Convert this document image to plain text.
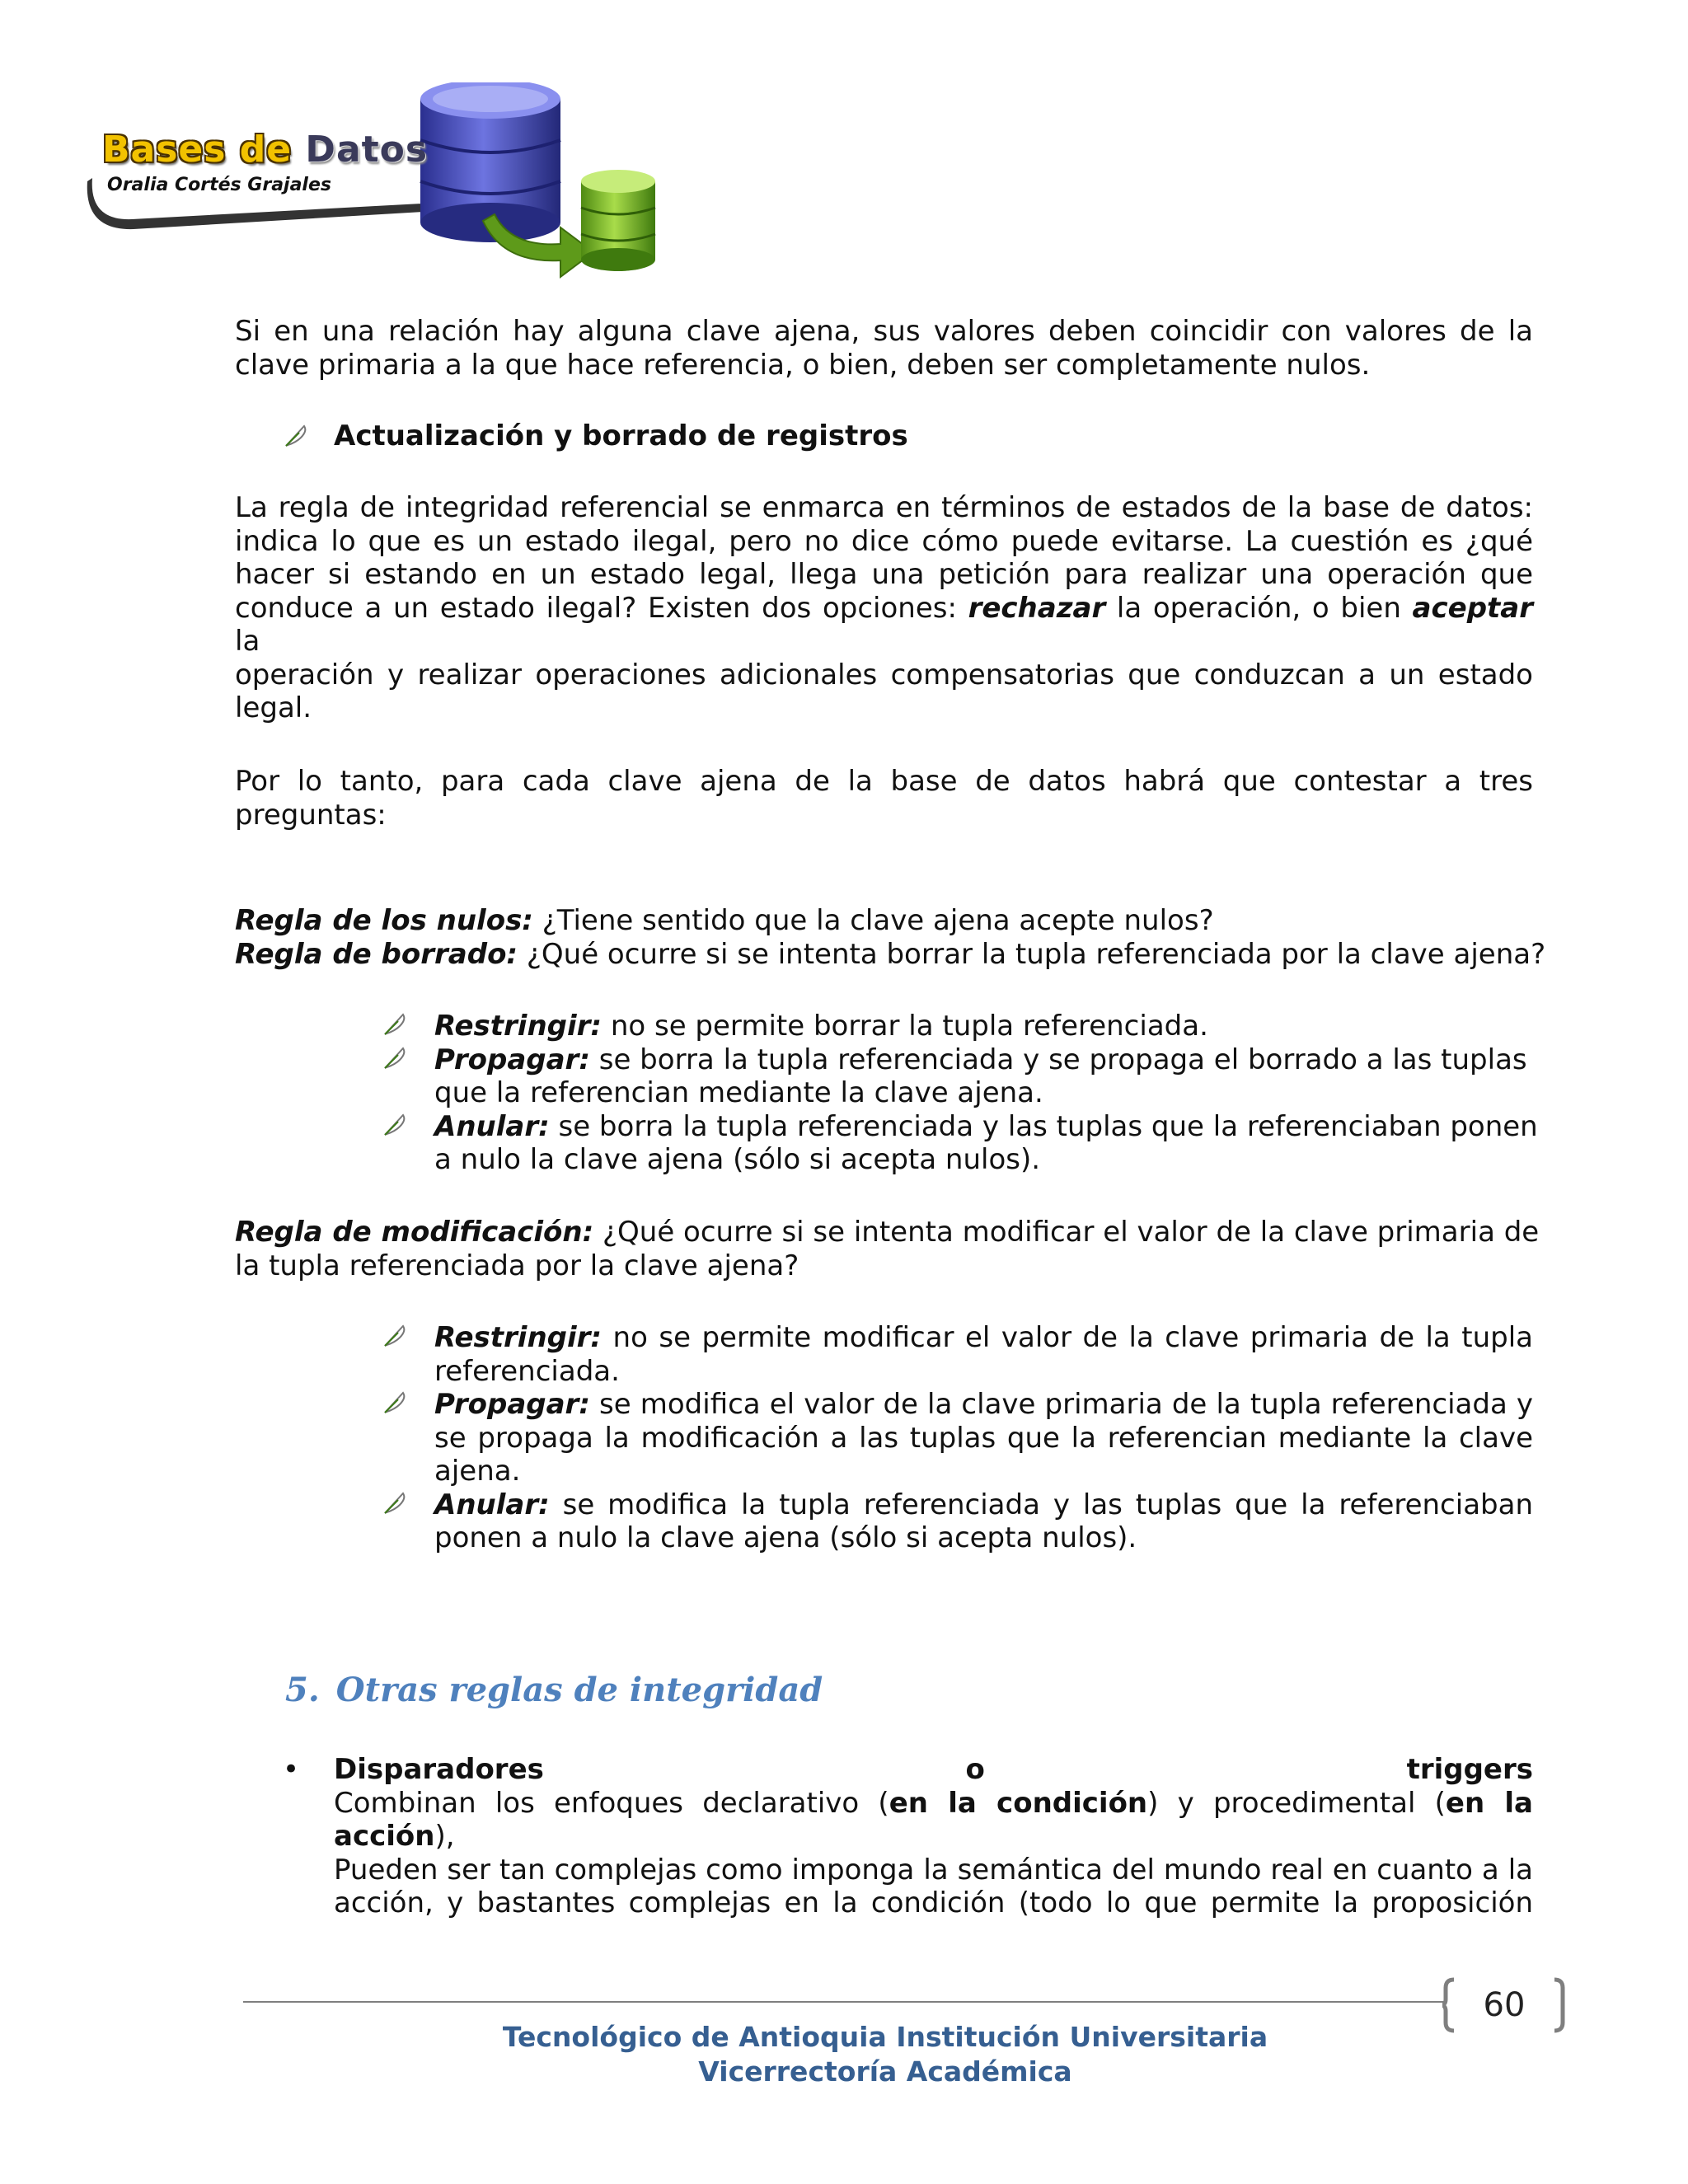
Bases de Datos
Oralia Cortés Grajales
Si en una relación hay alguna clave ajena, sus valores deben coincidir con valores de la
clave primaria a la que hace referencia, o bien, deben ser completamente nulos.
Actualización y borrado de registros
La regla de integridad referencial se enmarca en términos de estados de la base de datos:
indica lo que es un estado ilegal, pero no dice cómo puede evitarse. La cuestión es ¿qué
hacer si estando en un estado legal, llega una petición para realizar una operación que
conduce a un estado ilegal? Existen dos opciones: rechazar la operación, o bien aceptar la
operación y realizar operaciones adicionales compensatorias que conduzcan a un estado
legal.
Por lo tanto, para cada clave ajena de la base de datos habrá que contestar a tres
preguntas:
Regla de los nulos: ¿Tiene sentido que la clave ajena acepte nulos?
Regla de borrado: ¿Qué ocurre si se intenta borrar la tupla referenciada por la clave ajena?
Restringir: no se permite borrar la tupla referenciada.
Propagar: se borra la tupla referenciada y se propaga el borrado a las tuplas
que la referencian mediante la clave ajena.
Anular: se borra la tupla referenciada y las tuplas que la referenciaban ponen
a nulo la clave ajena (sólo si acepta nulos).
Regla de modificación: ¿Qué ocurre si se intenta modificar el valor de la clave primaria de
la tupla referenciada por la clave ajena?
Restringir: no se permite modificar el valor de la clave primaria de la tupla
referenciada.
Propagar: se modifica el valor de la clave primaria de la tupla referenciada y
se propaga la modificación a las tuplas que la referencian mediante la clave
ajena.
Anular: se modifica la tupla referenciada y las tuplas que la referenciaban
ponen a nulo la clave ajena (sólo si acepta nulos).
5. Otras reglas de integridad
• Disparadores	o	triggers
Combinan los enfoques declarativo (en la condición) y procedimental (en la
acción),
Pueden ser tan complejas como imponga la semántica del mundo real en cuanto a la
acción, y bastantes complejas en la condición (todo lo que permite la proposición
60
Tecnológico de Antioquia Institución Universitaria
Vicerrectoría Académica
